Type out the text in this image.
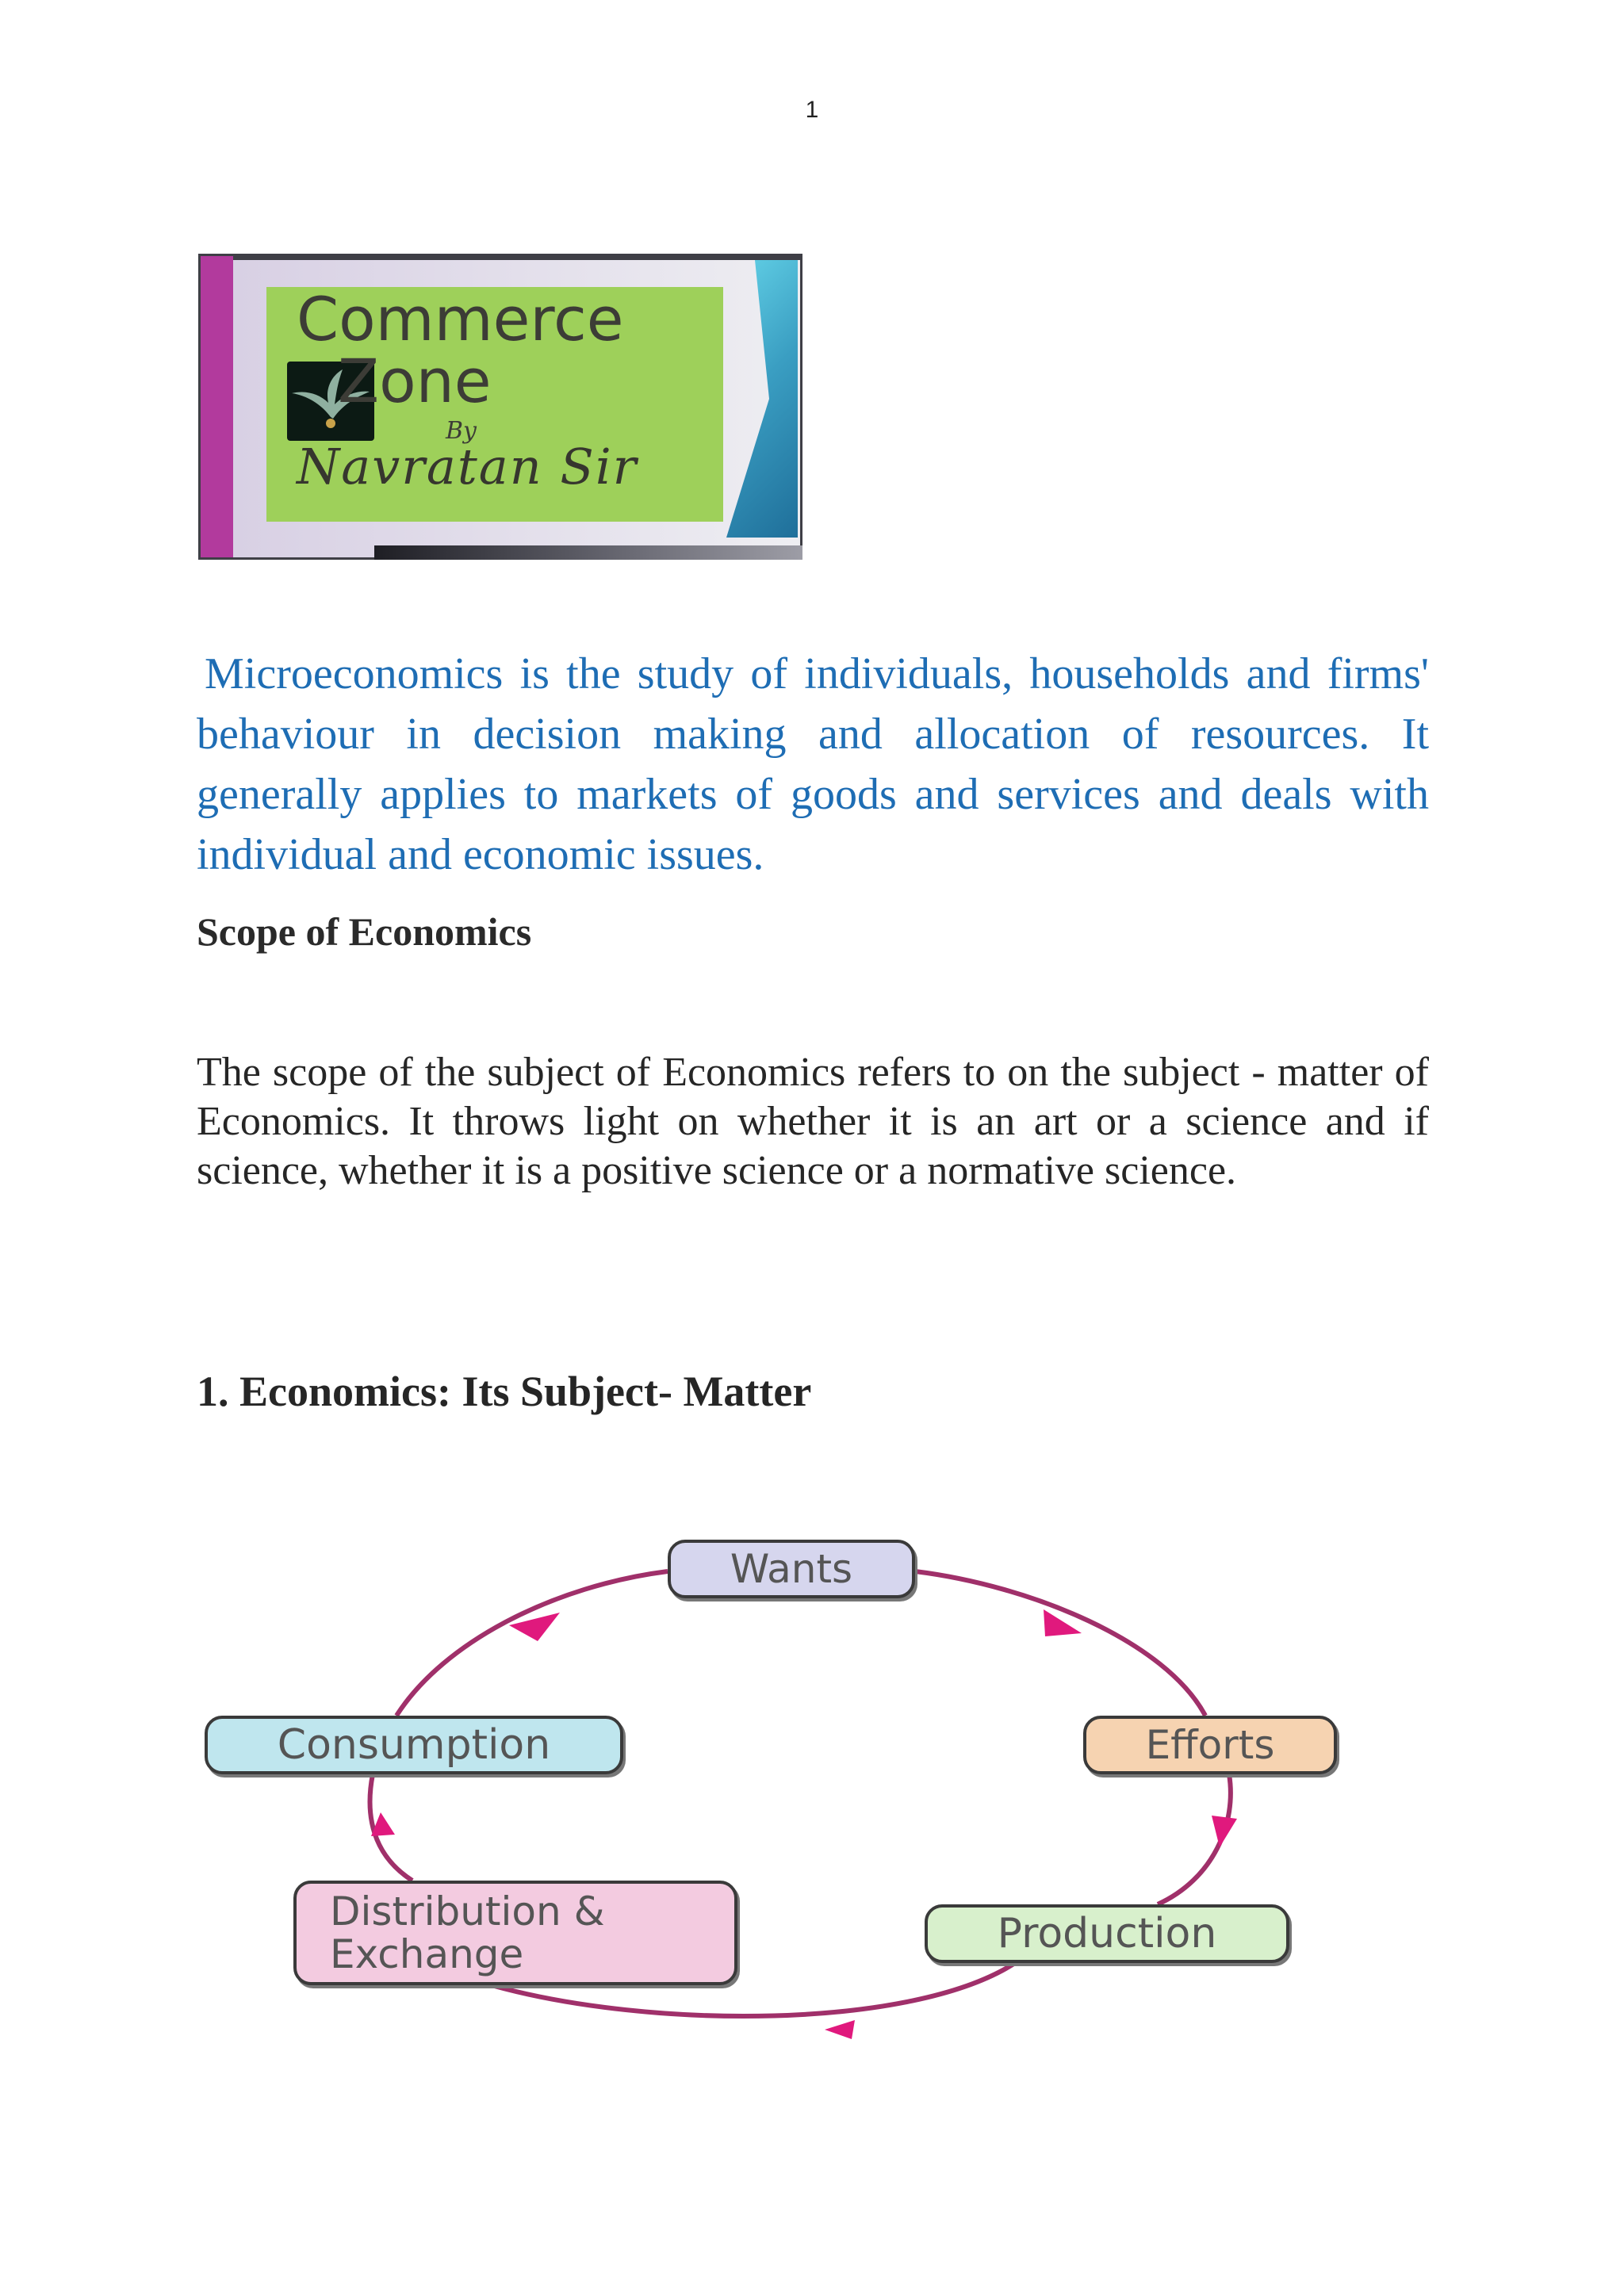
1
Commerce
Zone
By
Navratan Sir

Microeconomics is the study of individuals, households and firms' behaviour in decision making and allocation of resources. It generally applies to markets of goods and services and deals with individual and economic issues.

Scope of Economics

The scope of the subject of Economics refers to on the subject - matter of Economics. It throws light on whether it is an art or a science and if science, whether it is a positive science or a normative science.

1. Economics: Its Subject- Matter
Wants
Efforts
Consumption
Production
Distribution &
Exchange
